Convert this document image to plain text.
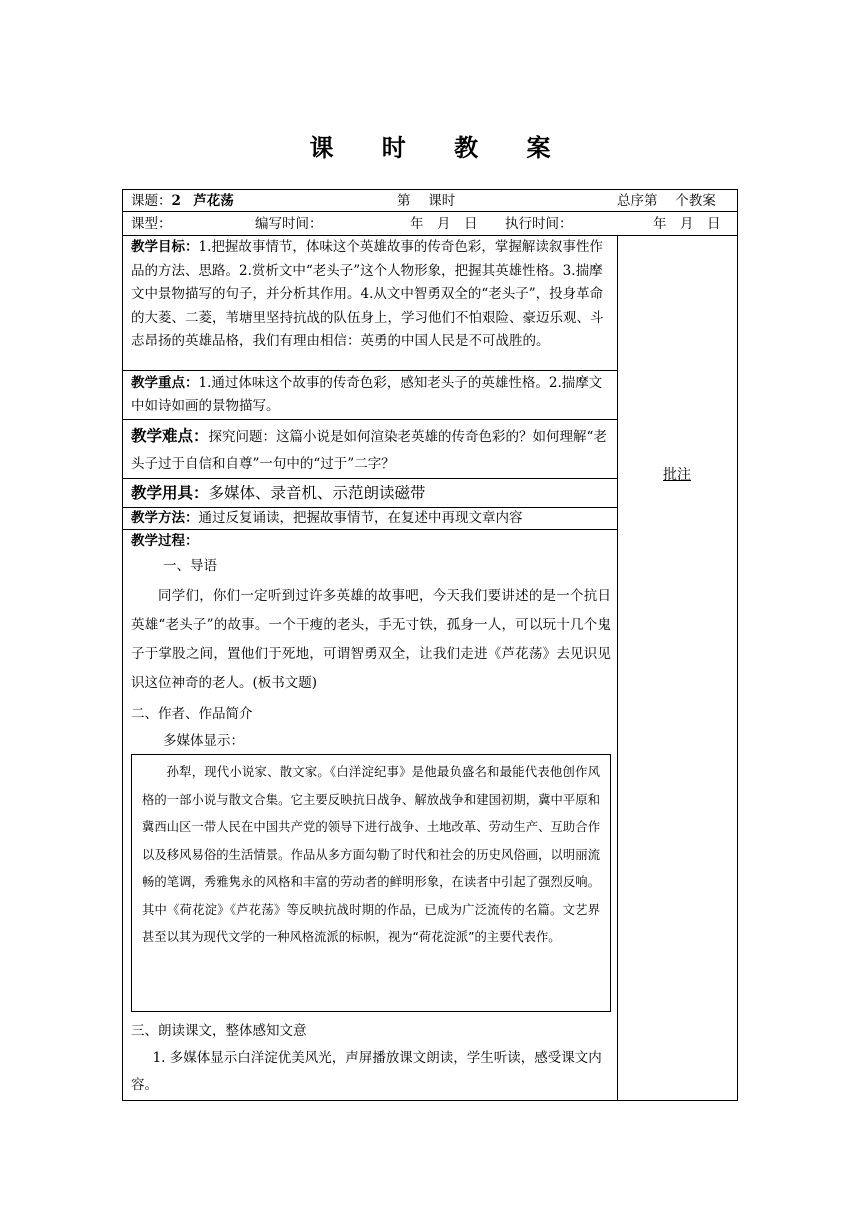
课 时 教 案
课题：2 芦花荡	第　 课时	总序第　 个教案
课型：	编写时间：	年　月　日 执行时间：	年　月　日
教学目标：1.把握故事情节，体味这个英雄故事的传奇色彩，掌握解读叙事性作品的方法、思路。2.赏析文中“老头子”这个人物形象，把握其英雄性格。3.揣摩文中景物描写的句子，并分析其作用。4.从文中智勇双全的“老头子”，投身革命的大菱、二菱，苇塘里坚持抗战的队伍身上，学习他们不怕艰险、豪迈乐观、斗志昂扬的英雄品格，我们有理由相信：英勇的中国人民是不可战胜的。
教学重点：1.通过体味这个故事的传奇色彩，感知老头子的英雄性格。2.揣摩文中如诗如画的景物描写。
教学难点：探究问题：这篇小说是如何渲染老英雄的传奇色彩的？如何理解“老头子过于自信和自尊”一句中的“过于”二字？
教学用具：多媒体、录音机、示范朗读磁带
教学方法：通过反复诵读，把握故事情节，在复述中再现文章内容
教学过程：
一、导语
同学们，你们一定听到过许多英雄的故事吧，今天我们要讲述的是一个抗日英雄“老头子”的故事。一个干瘦的老头，手无寸铁，孤身一人，可以玩十几个鬼子于掌股之间，置他们于死地，可谓智勇双全，让我们走进《芦花荡》去见识见识这位神奇的老人。(板书文题)
二、作者、作品简介
多媒体显示：
孙犁，现代小说家、散文家。《白洋淀纪事》是他最负盛名和最能代表他创作风格的一部小说与散文合集。它主要反映抗日战争、解放战争和建国初期，冀中平原和冀西山区一带人民在中国共产党的领导下进行战争、土地改革、劳动生产、互助合作以及移风易俗的生活情景。作品从多方面勾勒了时代和社会的历史风俗画，以明丽流畅的笔调，秀雅隽永的风格和丰富的劳动者的鲜明形象，在读者中引起了强烈反响。其中《荷花淀》《芦花荡》等反映抗战时期的作品，已成为广泛流传的名篇。文艺界甚至以其为现代文学的一种风格流派的标帜，视为“荷花淀派”的主要代表作。
三、朗读课文，整体感知文意
1. 多媒体显示白洋淀优美风光，声屏播放课文朗读，学生听读，感受课文内容。
批注
